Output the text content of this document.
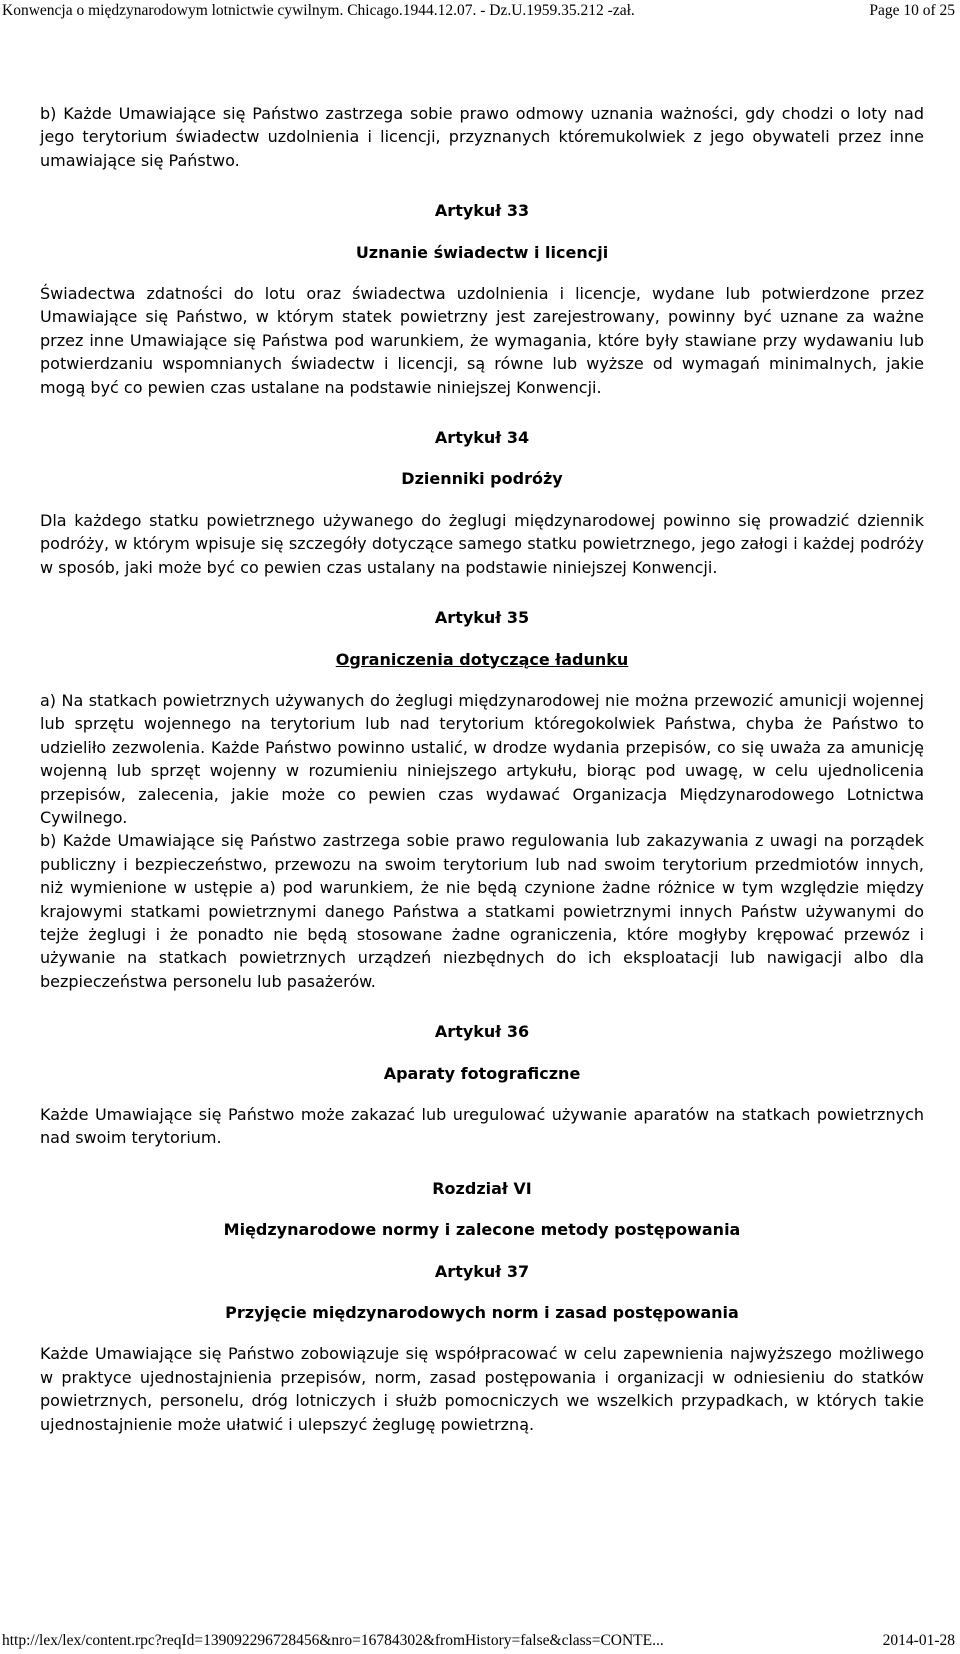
Konwencja o międzynarodowym lotnictwie cywilnym. Chicago.1944.12.07. - Dz.U.1959.35.212 -zał.	Page 10 of 25

b) Każde Umawiające się Państwo zastrzega sobie prawo odmowy uznania ważności, gdy chodzi o loty nad jego terytorium świadectw uzdolnienia i licencji, przyznanych któremukolwiek z jego obywateli przez inne umawiające się Państwo.

Artykuł 33
Uznanie świadectw i licencji

Świadectwa zdatności do lotu oraz świadectwa uzdolnienia i licencje, wydane lub potwierdzone przez Umawiające się Państwo, w którym statek powietrzny jest zarejestrowany, powinny być uznane za ważne przez inne Umawiające się Państwa pod warunkiem, że wymagania, które były stawiane przy wydawaniu lub potwierdzaniu wspomnianych świadectw i licencji, są równe lub wyższe od wymagań minimalnych, jakie mogą być co pewien czas ustalane na podstawie niniejszej Konwencji.

Artykuł 34
Dzienniki podróży

Dla każdego statku powietrznego używanego do żeglugi międzynarodowej powinno się prowadzić dziennik podróży, w którym wpisuje się szczegóły dotyczące samego statku powietrznego, jego załogi i każdej podróży w sposób, jaki może być co pewien czas ustalany na podstawie niniejszej Konwencji.

Artykuł 35
Ograniczenia dotyczące ładunku

a) Na statkach powietrznych używanych do żeglugi międzynarodowej nie można przewozić amunicji wojennej lub sprzętu wojennego na terytorium lub nad terytorium któregokolwiek Państwa, chyba że Państwo to udzieliło zezwolenia. Każde Państwo powinno ustalić, w drodze wydania przepisów, co się uważa za amunicję wojenną lub sprzęt wojenny w rozumieniu niniejszego artykułu, biorąc pod uwagę, w celu ujednolicenia przepisów, zalecenia, jakie może co pewien czas wydawać Organizacja Międzynarodowego Lotnictwa Cywilnego.

b) Każde Umawiające się Państwo zastrzega sobie prawo regulowania lub zakazywania z uwagi na porządek publiczny i bezpieczeństwo, przewozu na swoim terytorium lub nad swoim terytorium przedmiotów innych, niż wymienione w ustępie a) pod warunkiem, że nie będą czynione żadne różnice w tym względzie między krajowymi statkami powietrznymi danego Państwa a statkami powietrznymi innych Państw używanymi do tejże żeglugi i że ponadto nie będą stosowane żadne ograniczenia, które mogłyby krępować przewóz i używanie na statkach powietrznych urządzeń niezbędnych do ich eksploatacji lub nawigacji albo dla bezpieczeństwa personelu lub pasażerów.

Artykuł 36
Aparaty fotograficzne

Każde Umawiające się Państwo może zakazać lub uregulować używanie aparatów na statkach powietrznych nad swoim terytorium.

Rozdział VI
Międzynarodowe normy i zalecone metody postępowania
Artykuł 37
Przyjęcie międzynarodowych norm i zasad postępowania

Każde Umawiające się Państwo zobowiązuje się współpracować w celu zapewnienia najwyższego możliwego w praktyce ujednostajnienia przepisów, norm, zasad postępowania i organizacji w odniesieniu do statków powietrznych, personelu, dróg lotniczych i służb pomocniczych we wszelkich przypadkach, w których takie ujednostajnienie może ułatwić i ulepszyć żeglugę powietrzną.

http://lex/lex/content.rpc?reqId=139092296728456&nro=16784302&fromHistory=false&class=CONTE...	2014-01-28
